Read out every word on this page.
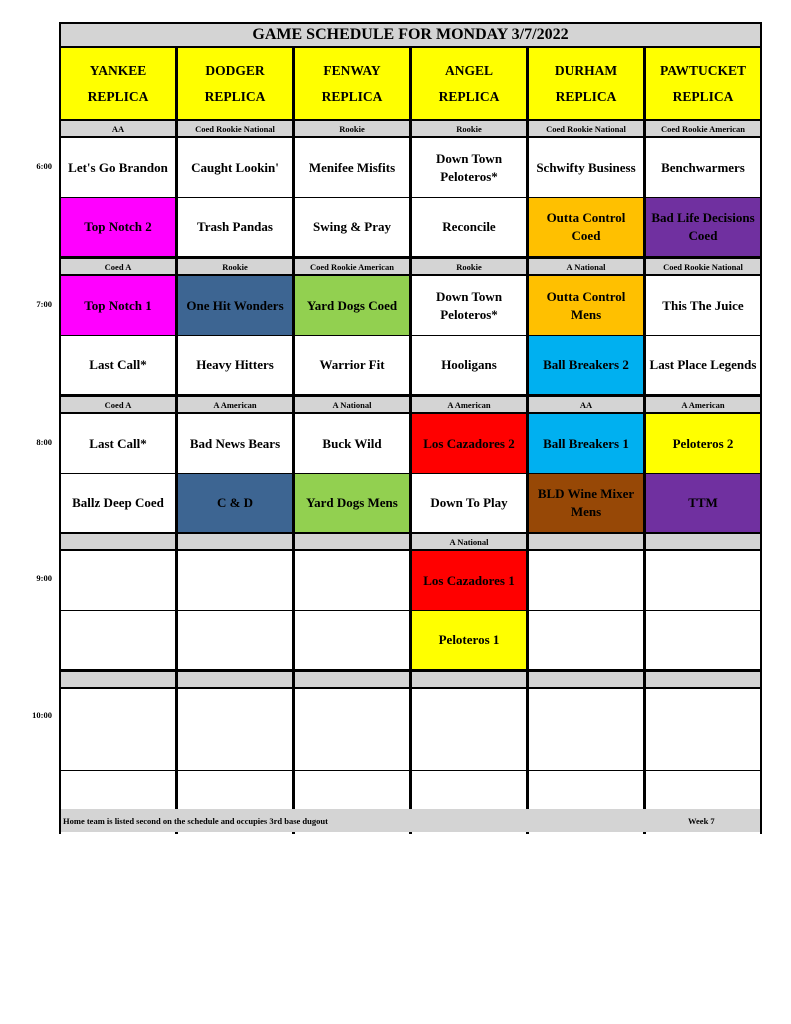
6:00
7:00
8:00
9:00
10:00
GAME SCHEDULE FOR MONDAY 3/7/2022
YANKEE
REPLICA
DODGER
REPLICA
FENWAY
REPLICA
ANGEL
REPLICA
DURHAM
REPLICA
PAWTUCKET
REPLICA
AA
Let's Go Brandon
Top Notch 2
Coed Rookie National
Caught Lookin'
Trash Pandas
Rookie
Menifee Misfits
Swing & Pray
Rookie
Down Town Peloteros*
Reconcile
Coed Rookie National
Schwifty Business
Outta Control Coed
Coed Rookie American
Benchwarmers
Bad Life Decisions Coed
Coed A
Top Notch 1
Last Call*
Rookie
One Hit Wonders
Heavy Hitters
Coed Rookie American
Yard Dogs Coed
Warrior Fit
Rookie
Down Town Peloteros*
Hooligans
A National
Outta Control Mens
Ball Breakers 2
Coed Rookie National
This The Juice
Last Place Legends
Coed A
Last Call*
Ballz Deep Coed
A American
Bad News Bears
C & D
A National
Buck Wild
Yard Dogs Mens
A American
Los Cazadores 2
Down To Play
AA
Ball Breakers 1
BLD Wine Mixer Mens
A American
Peloteros 2
TTM
A National
Los Cazadores 1
Peloteros 1
Home team is listed second on the schedule and occupies 3rd base dugout	Week 7
